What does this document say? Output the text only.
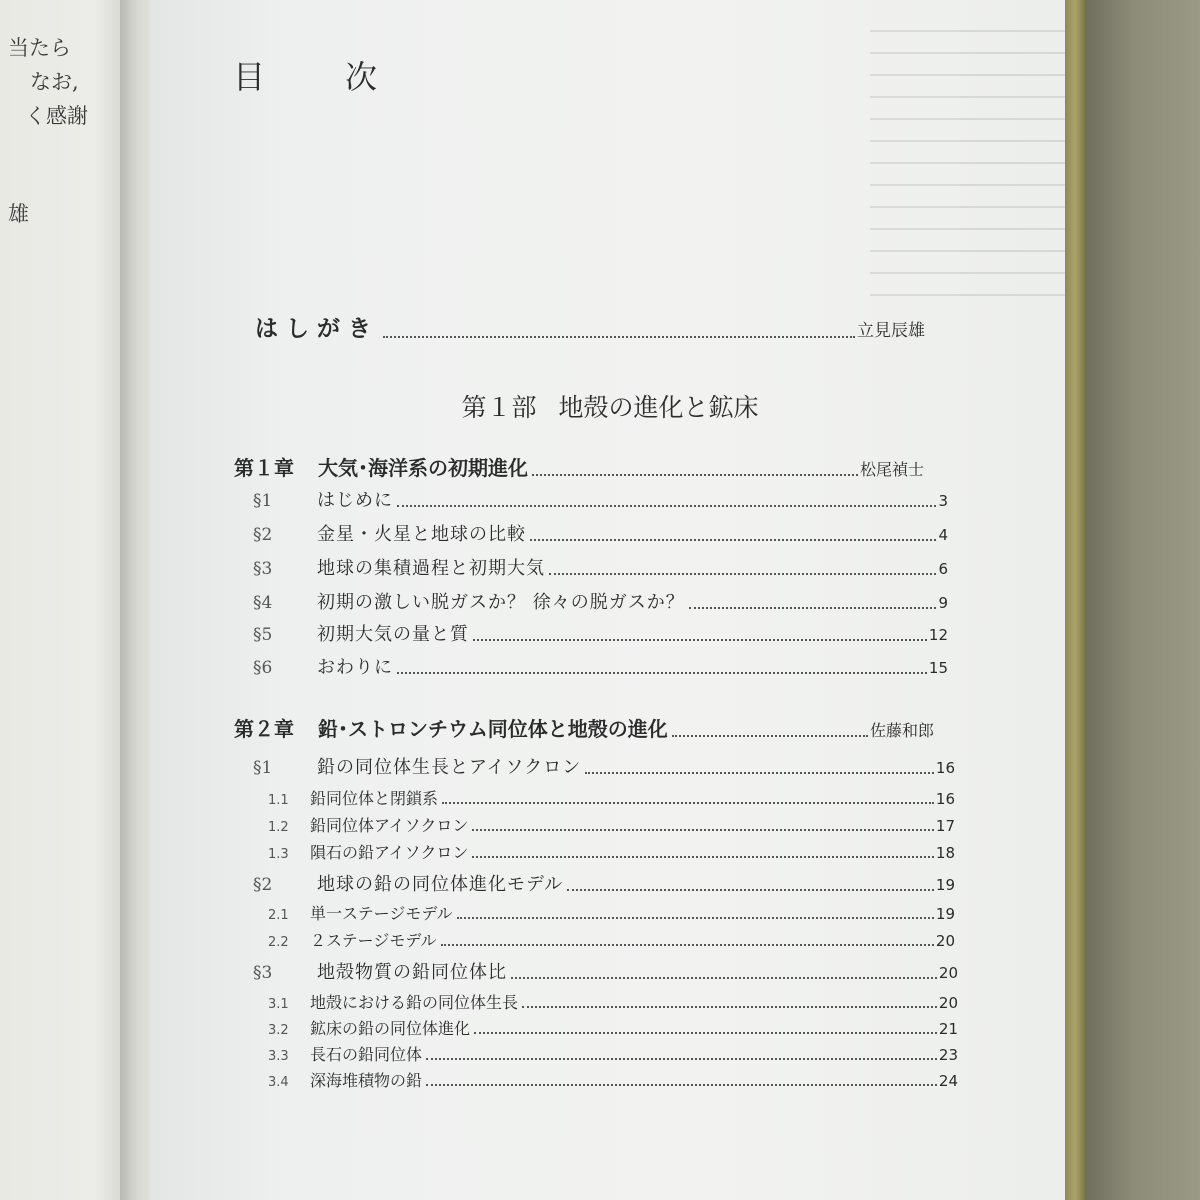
当たら
なお,
く感謝
雄
目 次
はしがき	立見辰雄
第１部 地殻の進化と鉱床
第１章 大気･海洋系の初期進化	松尾禎士
§1	はじめに	3
§2	金星・火星と地球の比較	4
§3	地球の集積過程と初期大気	6
§4	初期の激しい脱ガスか？ 徐々の脱ガスか？	9
§5	初期大気の量と質	12
§6	おわりに	15
第２章 鉛･ストロンチウム同位体と地殻の進化	佐藤和郎
§1	鉛の同位体生長とアイソクロン	16
1.1	鉛同位体と閉鎖系	16
1.2	鉛同位体アイソクロン	17
1.3	隕石の鉛アイソクロン	18
§2	地球の鉛の同位体進化モデル	19
2.1	単一ステージモデル	19
2.2	２ステージモデル	20
§3	地殻物質の鉛同位体比	20
3.1	地殻における鉛の同位体生長	20
3.2	鉱床の鉛の同位体進化	21
3.3	長石の鉛同位体	23
3.4	深海堆積物の鉛	24
